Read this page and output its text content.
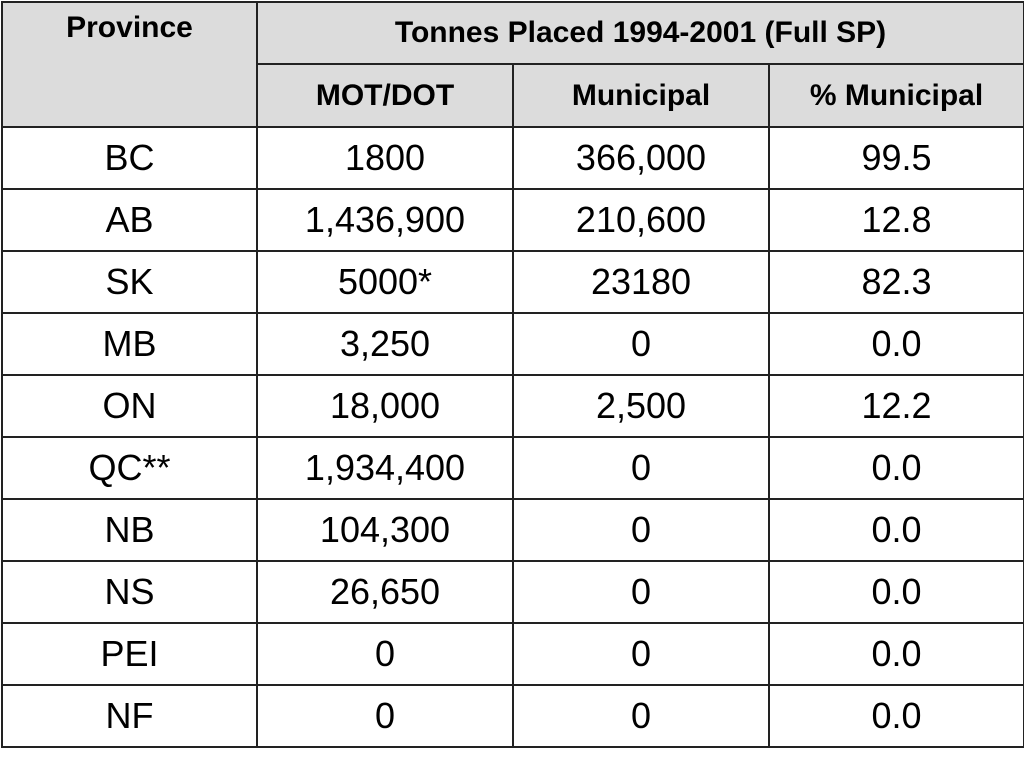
Province	Tonnes Placed 1994-2001 (Full SP)		
	MOT/DOT	Municipal	% Municipal
BC	1800	366,000	99.5
AB	1,436,900	210,600	12.8
SK	5000*	23180	82.3
MB	3,250	0	0.0
ON	18,000	2,500	12.2
QC**	1,934,400	0	0.0
NB	104,300	0	0.0
NS	26,650	0	0.0
PEI	0	0	0.0
NF	0	0	0.0
